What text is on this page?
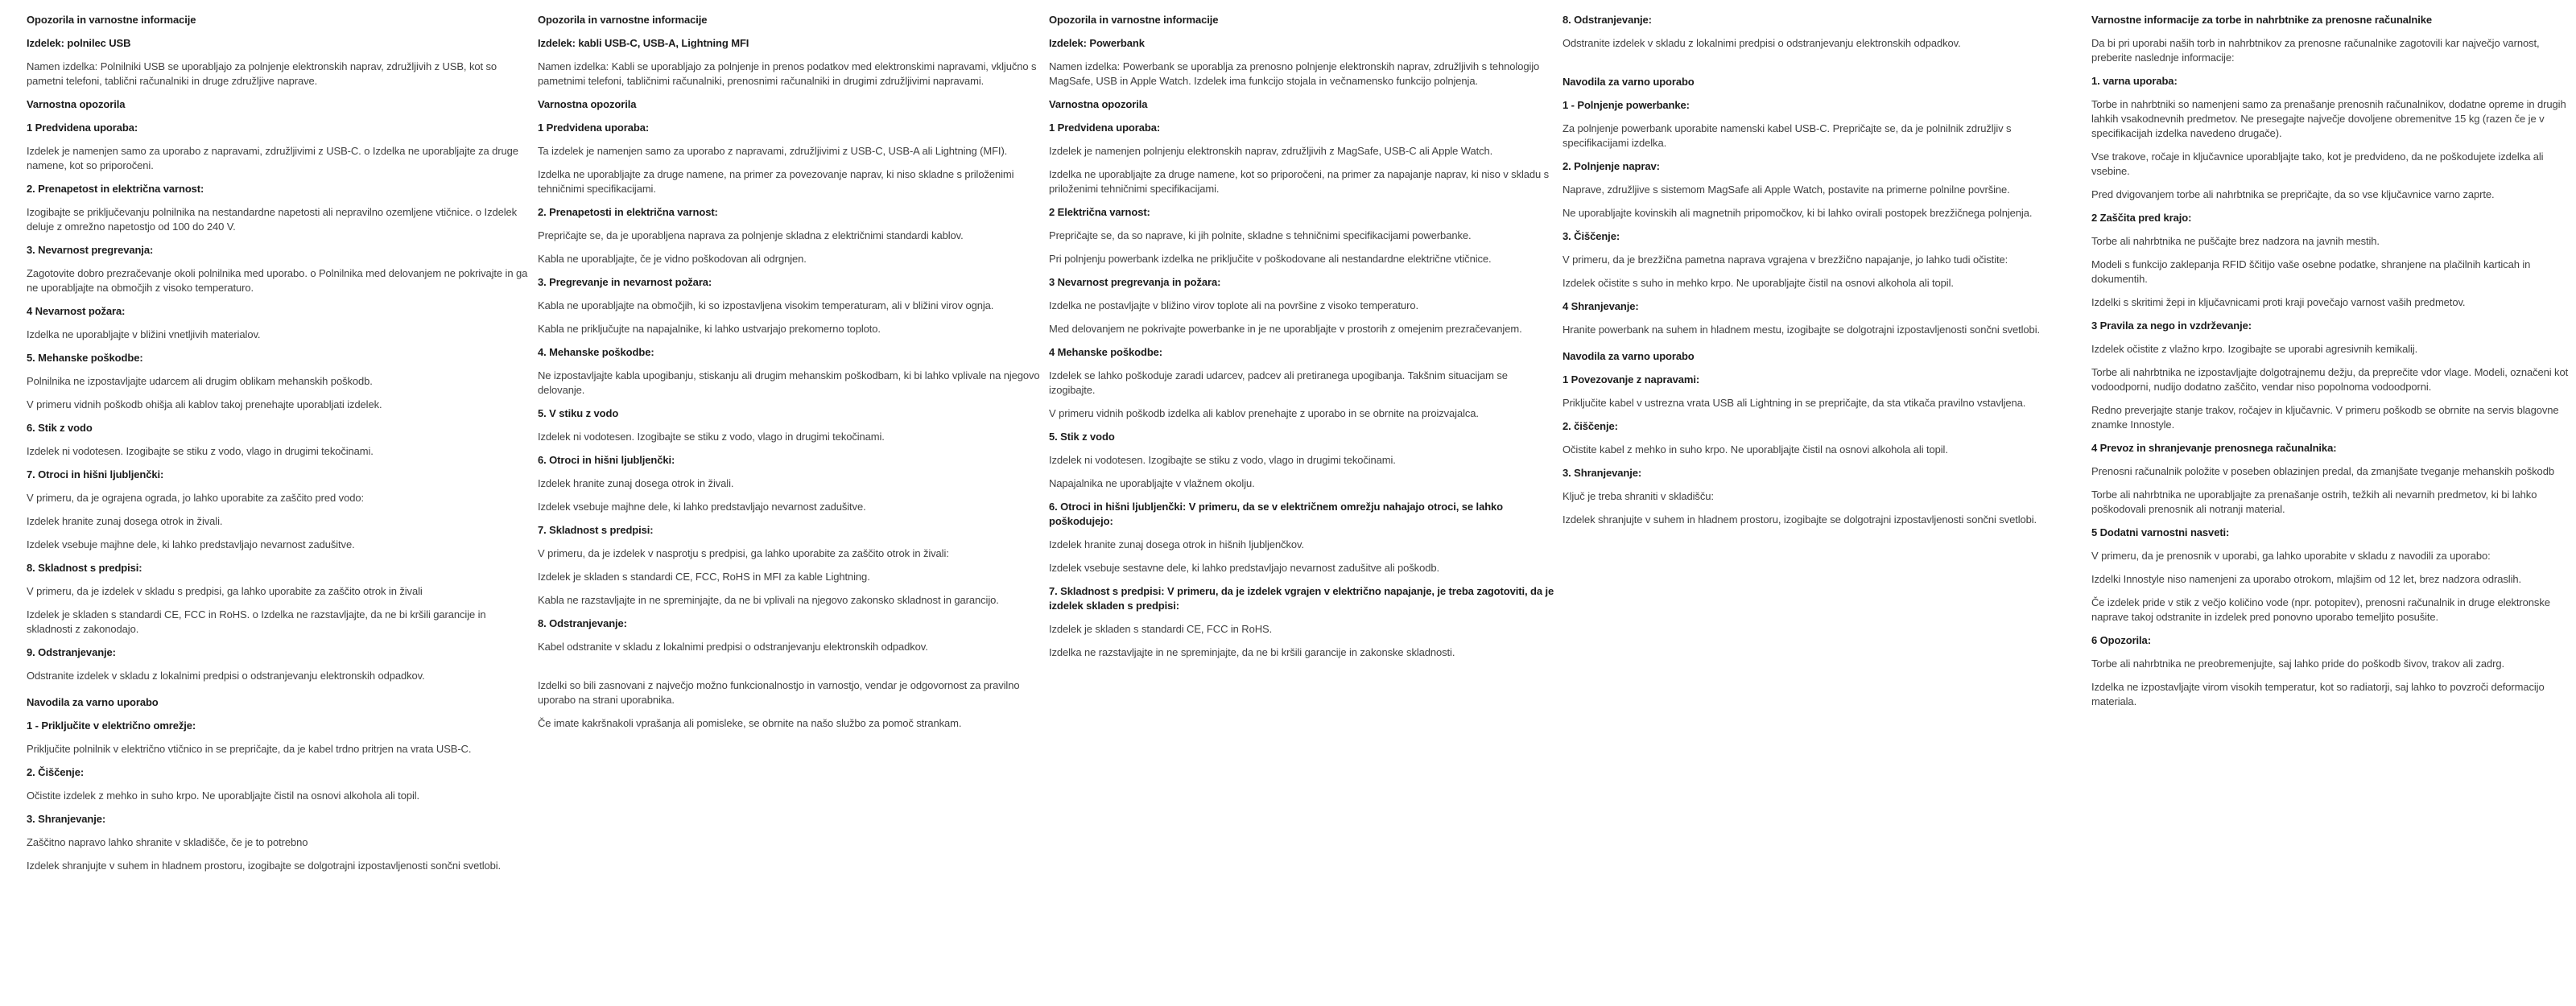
Opozorila in varnostne informacije

Izdelek: polnilec USB

Namen izdelka: Polnilniki USB se uporabljajo za polnjenje elektronskih naprav, združljivih z USB, kot so pametni telefoni, tablični računalniki in druge združljive naprave.

Varnostna opozorila

1 Predvidena uporaba:

Izdelek je namenjen samo za uporabo z napravami, združljivimi z USB-C. o Izdelka ne uporabljajte za druge namene, kot so priporočeni.

2. Prenapetost in električna varnost:

Izogibajte se priključevanju polnilnika na nestandardne napetosti ali nepravilno ozemljene vtičnice. o Izdelek deluje z omrežno napetostjo od 100 do 240 V.

3. Nevarnost pregrevanja:

Zagotovite dobro prezračevanje okoli polnilnika med uporabo. o Polnilnika med delovanjem ne pokrivajte in ga ne uporabljajte na območjih z visoko temperaturo.

4 Nevarnost požara:

Izdelka ne uporabljajte v bližini vnetljivih materialov.

5. Mehanske poškodbe:

Polnilnika ne izpostavljajte udarcem ali drugim oblikam mehanskih poškodb.

V primeru vidnih poškodb ohišja ali kablov takoj prenehajte uporabljati izdelek.

6. Stik z vodo

Izdelek ni vodotesen. Izogibajte se stiku z vodo, vlago in drugimi tekočinami.

7. Otroci in hišni ljubljenčki:

V primeru, da je ograjena ograda, jo lahko uporabite za zaščito pred vodo:

Izdelek hranite zunaj dosega otrok in živali.

Izdelek vsebuje majhne dele, ki lahko predstavljajo nevarnost zadušitve.

8. Skladnost s predpisi:

V primeru, da je izdelek v skladu s predpisi, ga lahko uporabite za zaščito otrok in živali

Izdelek je skladen s standardi CE, FCC in RoHS. o Izdelka ne razstavljajte, da ne bi kršili garancije in skladnosti z zakonodajo.

9. Odstranjevanje:

Odstranite izdelek v skladu z lokalnimi predpisi o odstranjevanju elektronskih odpadkov.

Navodila za varno uporabo

1 - Priključite v električno omrežje:

Priključite polnilnik v električno vtičnico in se prepričajte, da je kabel trdno pritrjen na vrata USB-C.

2. Čiščenje:

Očistite izdelek z mehko in suho krpo. Ne uporabljajte čistil na osnovi alkohola ali topil.

3. Shranjevanje:

Zaščitno napravo lahko shranite v skladišče, če je to potrebno

Izdelek shranjujte v suhem in hladnem prostoru, izogibajte se dolgotrajni izpostavljenosti sončni svetlobi.

Opozorila in varnostne informacije

Izdelek: kabli USB-C, USB-A, Lightning MFI

Namen izdelka: Kabli se uporabljajo za polnjenje in prenos podatkov med elektronskimi napravami, vključno s pametnimi telefoni, tabličnimi računalniki, prenosnimi računalniki in drugimi združljivimi napravami.

Varnostna opozorila

1 Predvidena uporaba:

Ta izdelek je namenjen samo za uporabo z napravami, združljivimi z USB-C, USB-A ali Lightning (MFI).

Izdelka ne uporabljajte za druge namene, na primer za povezovanje naprav, ki niso skladne s priloženimi tehničnimi specifikacijami.

2. Prenapetosti in električna varnost:

Prepričajte se, da je uporabljena naprava za polnjenje skladna z električnimi standardi kablov.

Kabla ne uporabljajte, če je vidno poškodovan ali odrgnjen.

3. Pregrevanje in nevarnost požara:

Kabla ne uporabljajte na območjih, ki so izpostavljena visokim temperaturam, ali v bližini virov ognja.

Kabla ne priključujte na napajalnike, ki lahko ustvarjajo prekomerno toploto.

4. Mehanske poškodbe:

Ne izpostavljajte kabla upogibanju, stiskanju ali drugim mehanskim poškodbam, ki bi lahko vplivale na njegovo delovanje.

5. V stiku z vodo

Izdelek ni vodotesen. Izogibajte se stiku z vodo, vlago in drugimi tekočinami.

6. Otroci in hišni ljubljenčki:

Izdelek hranite zunaj dosega otrok in živali.

Izdelek vsebuje majhne dele, ki lahko predstavljajo nevarnost zadušitve.

7. Skladnost s predpisi:

V primeru, da je izdelek v nasprotju s predpisi, ga lahko uporabite za zaščito otrok in živali:

Izdelek je skladen s standardi CE, FCC, RoHS in MFI za kable Lightning.

Kabla ne razstavljajte in ne spreminjajte, da ne bi vplivali na njegovo zakonsko skladnost in garancijo.

8. Odstranjevanje:

Kabel odstranite v skladu z lokalnimi predpisi o odstranjevanju elektronskih odpadkov.

Izdelki so bili zasnovani z največjo možno funkcionalnostjo in varnostjo, vendar je odgovornost za pravilno uporabo na strani uporabnika.

Če imate kakršnakoli vprašanja ali pomisleke, se obrnite na našo službo za pomoč strankam.

Opozorila in varnostne informacije

Izdelek: Powerbank

Namen izdelka: Powerbank se uporablja za prenosno polnjenje elektronskih naprav, združljivih s tehnologijo MagSafe, USB in Apple Watch. Izdelek ima funkcijo stojala in večnamensko funkcijo polnjenja.

Varnostna opozorila

1 Predvidena uporaba:

Izdelek je namenjen polnjenju elektronskih naprav, združljivih z MagSafe, USB-C ali Apple Watch.

Izdelka ne uporabljajte za druge namene, kot so priporočeni, na primer za napajanje naprav, ki niso v skladu s priloženimi tehničnimi specifikacijami.

2 Električna varnost:

Prepričajte se, da so naprave, ki jih polnite, skladne s tehničnimi specifikacijami powerbanke.

Pri polnjenju powerbank izdelka ne priključite v poškodovane ali nestandardne električne vtičnice.

3 Nevarnost pregrevanja in požara:

Izdelka ne postavljajte v bližino virov toplote ali na površine z visoko temperaturo.

Med delovanjem ne pokrivajte powerbanke in je ne uporabljajte v prostorih z omejenim prezračevanjem.

4 Mehanske poškodbe:

Izdelek se lahko poškoduje zaradi udarcev, padcev ali pretiranega upogibanja. Takšnim situacijam se izogibajte.

V primeru vidnih poškodb izdelka ali kablov prenehajte z uporabo in se obrnite na proizvajalca.

5. Stik z vodo

Izdelek ni vodotesen. Izogibajte se stiku z vodo, vlago in drugimi tekočinami.

Napajalnika ne uporabljajte v vlažnem okolju.

6. Otroci in hišni ljubljenčki: V primeru, da se v električnem omrežju nahajajo otroci, se lahko poškodujejo:

Izdelek hranite zunaj dosega otrok in hišnih ljubljenčkov.

Izdelek vsebuje sestavne dele, ki lahko predstavljajo nevarnost zadušitve ali poškodb.

7. Skladnost s predpisi: V primeru, da je izdelek vgrajen v električno napajanje, je treba zagotoviti, da je izdelek skladen s predpisi:

Izdelek je skladen s standardi CE, FCC in RoHS.

Izdelka ne razstavljajte in ne spreminjajte, da ne bi kršili garancije in zakonske skladnosti.

8. Odstranjevanje:

Odstranite izdelek v skladu z lokalnimi predpisi o odstranjevanju elektronskih odpadkov.

Navodila za varno uporabo

1 - Polnjenje powerbanke:

Za polnjenje powerbank uporabite namenski kabel USB-C. Prepričajte se, da je polnilnik združljiv s specifikacijami izdelka.

2. Polnjenje naprav:

Naprave, združljive s sistemom MagSafe ali Apple Watch, postavite na primerne polnilne površine.

Ne uporabljajte kovinskih ali magnetnih pripomočkov, ki bi lahko ovirali postopek brezžičnega polnjenja.

3. Čiščenje:

V primeru, da je brezžična pametna naprava vgrajena v brezžično napajanje, jo lahko tudi očistite:

Izdelek očistite s suho in mehko krpo. Ne uporabljajte čistil na osnovi alkohola ali topil.

4 Shranjevanje:

Hranite powerbank na suhem in hladnem mestu, izogibajte se dolgotrajni izpostavljenosti sončni svetlobi.

Navodila za varno uporabo

1 Povezovanje z napravami:

Priključite kabel v ustrezna vrata USB ali Lightning in se prepričajte, da sta vtikača pravilno vstavljena.

2. čiščenje:

Očistite kabel z mehko in suho krpo. Ne uporabljajte čistil na osnovi alkohola ali topil.

3. Shranjevanje:

Ključ je treba shraniti v skladišču:

Izdelek shranjujte v suhem in hladnem prostoru, izogibajte se dolgotrajni izpostavljenosti sončni svetlobi.

Varnostne informacije za torbe in nahrbtnike za prenosne računalnike

Da bi pri uporabi naših torb in nahrbtnikov za prenosne računalnike zagotovili kar največjo varnost, preberite naslednje informacije:

1. varna uporaba:

Torbe in nahrbtniki so namenjeni samo za prenašanje prenosnih računalnikov, dodatne opreme in drugih lahkih vsakodnevnih predmetov. Ne presegajte največje dovoljene obremenitve 15 kg (razen če je v specifikacijah izdelka navedeno drugače).

Vse trakove, ročaje in ključavnice uporabljajte tako, kot je predvideno, da ne poškodujete izdelka ali vsebine.

Pred dvigovanjem torbe ali nahrbtnika se prepričajte, da so vse ključavnice varno zaprte.

2 Zaščita pred krajo:

Torbe ali nahrbtnika ne puščajte brez nadzora na javnih mestih.

Modeli s funkcijo zaklepanja RFID ščitijo vaše osebne podatke, shranjene na plačilnih karticah in dokumentih.

Izdelki s skritimi žepi in ključavnicami proti kraji povečajo varnost vaših predmetov.

3 Pravila za nego in vzdrževanje:

Izdelek očistite z vlažno krpo. Izogibajte se uporabi agresivnih kemikalij.

Torbe ali nahrbtnika ne izpostavljajte dolgotrajnemu dežju, da preprečite vdor vlage. Modeli, označeni kot vodoodporni, nudijo dodatno zaščito, vendar niso popolnoma vodoodporni.

Redno preverjajte stanje trakov, ročajev in ključavnic. V primeru poškodb se obrnite na servis blagovne znamke Innostyle.

4 Prevoz in shranjevanje prenosnega računalnika:

Prenosni računalnik položite v poseben oblazinjen predal, da zmanjšate tveganje mehanskih poškodb

Torbe ali nahrbtnika ne uporabljajte za prenašanje ostrih, težkih ali nevarnih predmetov, ki bi lahko poškodovali prenosnik ali notranji material.

5 Dodatni varnostni nasveti:

V primeru, da je prenosnik v uporabi, ga lahko uporabite v skladu z navodili za uporabo:

Izdelki Innostyle niso namenjeni za uporabo otrokom, mlajšim od 12 let, brez nadzora odraslih.

Če izdelek pride v stik z večjo količino vode (npr. potopitev), prenosni računalnik in druge elektronske naprave takoj odstranite in izdelek pred ponovno uporabo temeljito posušite.

6 Opozorila:

Torbe ali nahrbtnika ne preobremenjujte, saj lahko pride do poškodb šivov, trakov ali zadrg.

Izdelka ne izpostavljajte virom visokih temperatur, kot so radiatorji, saj lahko to povzroči deformacijo materiala.
